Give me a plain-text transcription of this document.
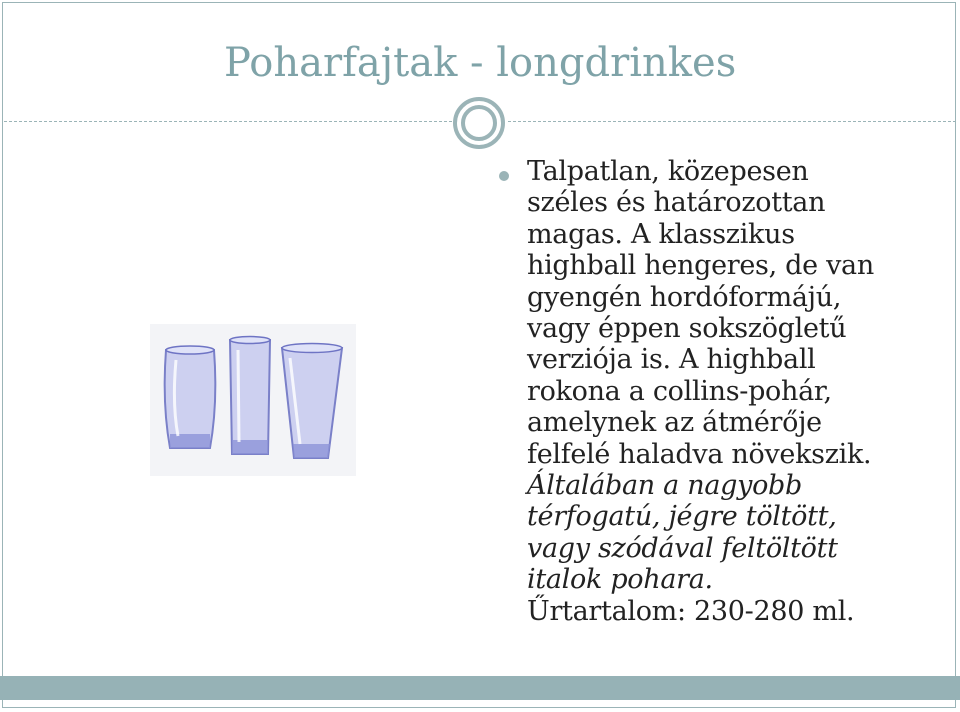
Poharfajtak - longdrinkes
Talpatlan, közepesen
széles és határozottan
magas. A klasszikus
highball hengeres, de van
gyengén hordóformájú,
vagy éppen sokszögletű
verziója is. A highball
rokona a collins-pohár,
amelynek az átmérője
felfelé haladva növekszik.
Általában a nagyobb
térfogatú, jégre töltött,
vagy szódával feltöltött
italok pohara.
Űrtartalom: 230-280 ml.
